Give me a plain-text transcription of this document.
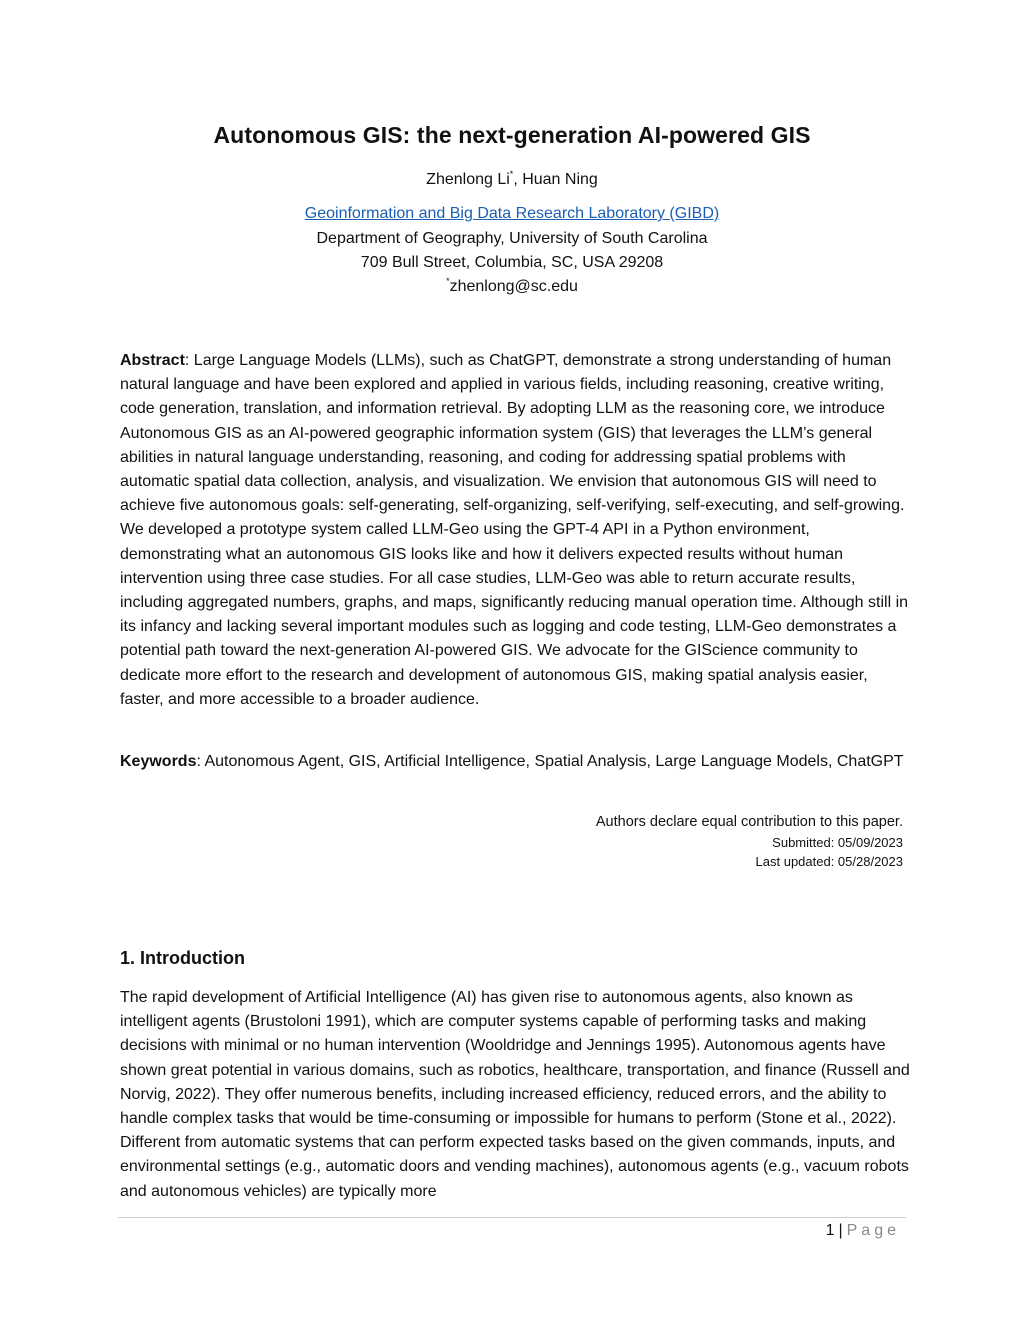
Autonomous GIS: the next-generation AI-powered GIS
Zhenlong Li*, Huan Ning
Geoinformation and Big Data Research Laboratory (GIBD)
Department of Geography, University of South Carolina
709 Bull Street, Columbia, SC, USA 29208
*zhenlong@sc.edu
Abstract: Large Language Models (LLMs), such as ChatGPT, demonstrate a strong understanding of human natural language and have been explored and applied in various fields, including reasoning, creative writing, code generation, translation, and information retrieval. By adopting LLM as the reasoning core, we introduce Autonomous GIS as an AI-powered geographic information system (GIS) that leverages the LLM’s general abilities in natural language understanding, reasoning, and coding for addressing spatial problems with automatic spatial data collection, analysis, and visualization. We envision that autonomous GIS will need to achieve five autonomous goals: self-generating, self-organizing, self-verifying, self-executing, and self-growing. We developed a prototype system called LLM-Geo using the GPT-4 API in a Python environment, demonstrating what an autonomous GIS looks like and how it delivers expected results without human intervention using three case studies. For all case studies, LLM-Geo was able to return accurate results, including aggregated numbers, graphs, and maps, significantly reducing manual operation time. Although still in its infancy and lacking several important modules such as logging and code testing, LLM-Geo demonstrates a potential path toward the next-generation AI-powered GIS. We advocate for the GIScience community to dedicate more effort to the research and development of autonomous GIS, making spatial analysis easier, faster, and more accessible to a broader audience.
Keywords: Autonomous Agent, GIS, Artificial Intelligence, Spatial Analysis, Large Language Models, ChatGPT
Authors declare equal contribution to this paper.
Submitted: 05/09/2023
Last updated: 05/28/2023
1. Introduction
The rapid development of Artificial Intelligence (AI) has given rise to autonomous agents, also known as intelligent agents (Brustoloni 1991), which are computer systems capable of performing tasks and making decisions with minimal or no human intervention (Wooldridge and Jennings 1995). Autonomous agents have shown great potential in various domains, such as robotics, healthcare, transportation, and finance (Russell and Norvig, 2022). They offer numerous benefits, including increased efficiency, reduced errors, and the ability to handle complex tasks that would be time-consuming or impossible for humans to perform (Stone et al., 2022). Different from automatic systems that can perform expected tasks based on the given commands, inputs, and environmental settings (e.g., automatic doors and vending machines), autonomous agents (e.g., vacuum robots and autonomous vehicles) are typically more
1 | Page
